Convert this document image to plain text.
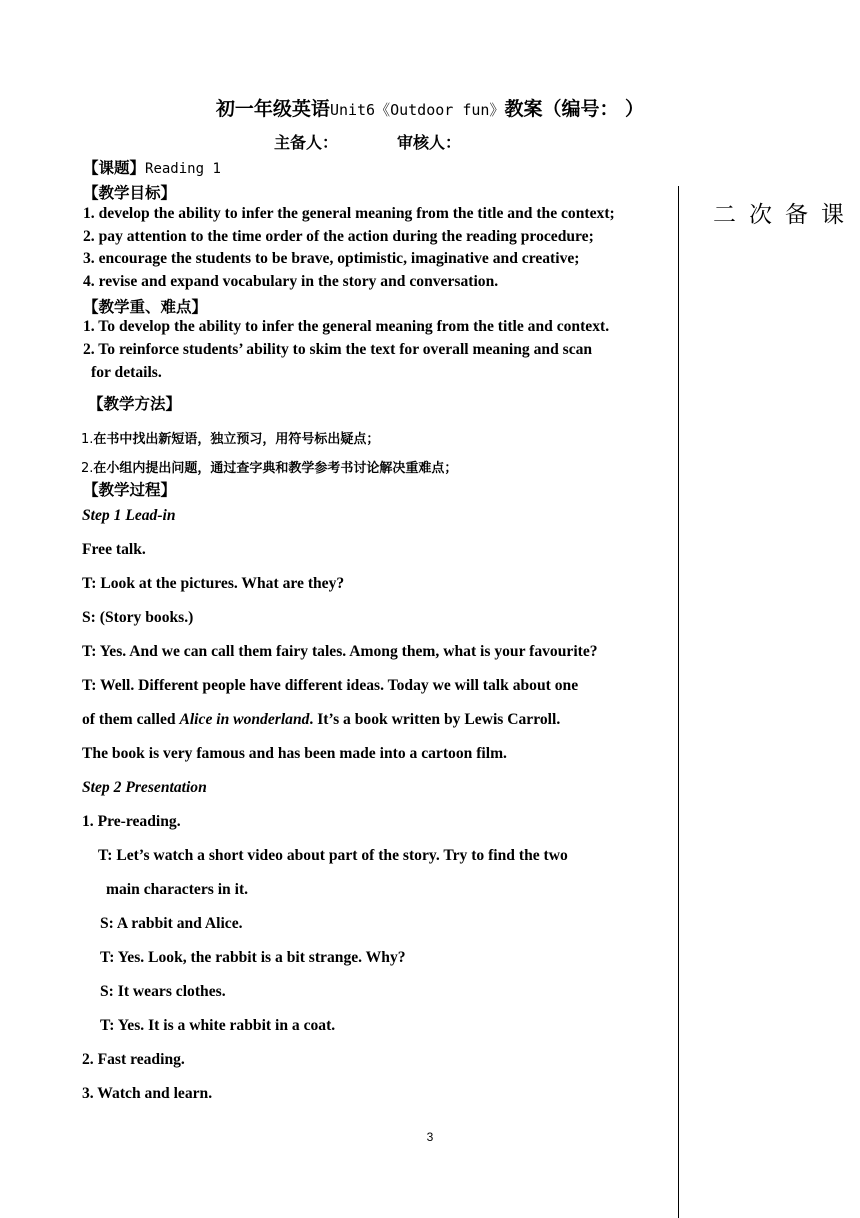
初一年级英语Unit6《Outdoor fun》教案（编号： ）
主备人：	审核人：
【课题】Reading 1
【教学目标】
1. develop the ability to infer the general meaning from the title and the context;
2. pay attention to the time order of the action during the reading procedure;
3. encourage the students to be brave, optimistic, imaginative and creative;
4. revise and expand vocabulary in the story and conversation.
【教学重、难点】
1. To develop the ability to infer the general meaning from the title and context.
2. To reinforce students’ ability to skim the text for overall meaning and scan
for details.
【教学方法】
1.在书中找出新短语，独立预习，用符号标出疑点；
2.在小组内提出问题，通过查字典和教学参考书讨论解决重难点；
【教学过程】
Step 1 Lead-in
Free talk.
T: Look at the pictures. What are they?
S: (Story books.)
T: Yes. And we can call them fairy tales. Among them, what is your favourite?
T: Well. Different people have different ideas. Today we will talk about one
of them called Alice in wonderland. It’s a book written by Lewis Carroll.
The book is very famous and has been made into a cartoon film.
Step 2 Presentation
1. Pre-reading.
T: Let’s watch a short video about part of the story. Try to find the two
main characters in it.
S: A rabbit and Alice.
T: Yes. Look, the rabbit is a bit strange. Why?
S: It wears clothes.
T: Yes. It is a white rabbit in a coat.
2. Fast reading.
3. Watch and learn.
二次备课
3
